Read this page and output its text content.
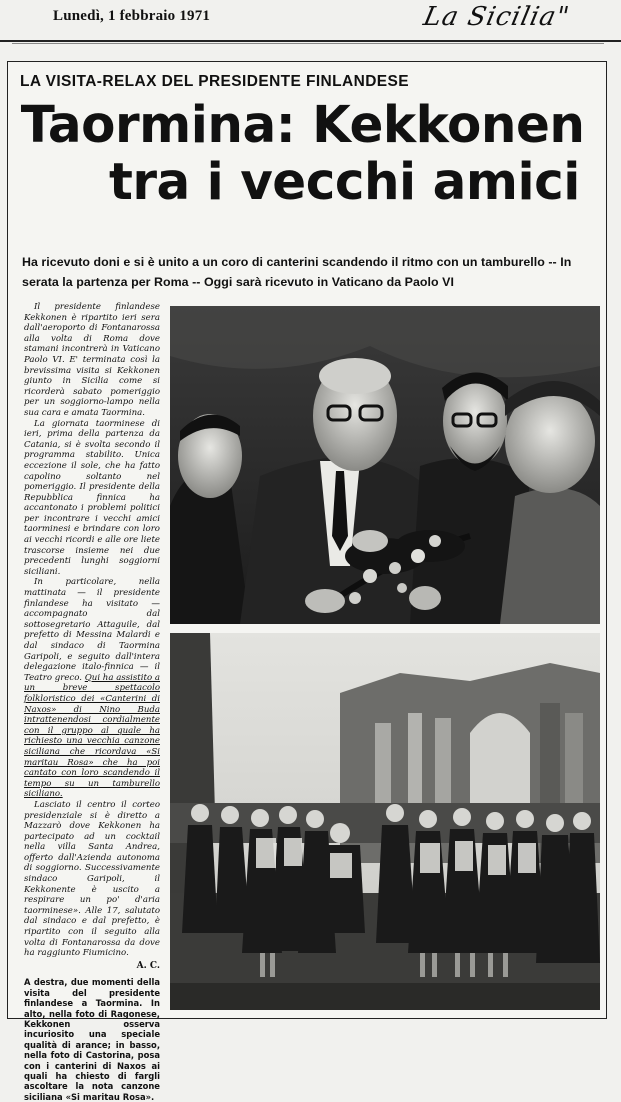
Lunedì, 1 febbraio 1971	La Sicilia"
LA VISITA-RELAX DEL PRESIDENTE FINLANDESE
Taormina: Kekkonen
tra i vecchi amici
Ha ricevuto doni e si è unito a un coro di canterini scandendo il ritmo con un tamburello -- In serata la partenza per Roma -- Oggi sarà ricevuto in Vaticano da Paolo VI

Il presidente finlandese Kekkonen è ripartito ieri sera dall'aeroporto di Fontanarossa alla volta di Roma dove stamani incontrerà in Vaticano Paolo VI. E' terminata così la brevissima visita si Kekkonen giunto in Sicilia come si ricorderà sabato pomeriggio per un soggiorno-lampo nella sua cara e amata Taormina.

La giornata taorminese di ieri, prima della partenza da Catania, si è svolta secondo il programma stabilito. Unica eccezione il sole, che ha fatto capolino soltanto nel pomeriggio. Il presidente della Repubblica finnica ha accantonato i problemi politici per incontrare i vecchi amici taorminesi e brindare con loro ai vecchi ricordi e alle ore liete trascorse insieme nei due precedenti lunghi soggiorni siciliani.

In particolare, nella mattinata — il presidente finlandese ha visitato — accompagnato dal sottosegretario Attaguile, dal prefetto di Messina Malardi e dal sindaco di Taormina Garipoli, e seguito dall'intera delegazione italo-finnica — il Teatro greco. Qui ha assistito a un breve spettacolo folkloristico dei «Canterini di Naxos» di Nino Buda intrattenendosi cordialmente con il gruppo al quale ha richiesto una vecchia canzone siciliana che ricordava «Si maritau Rosa» che ha poi cantato con loro scandendo il tempo su un tamburello siciliano.

Lasciato il centro il corteo presidenziale si è diretto a Mazzarò dove Kekkonen ha partecipato ad un cocktail nella villa Santa Andrea, offerto dall'Azienda autonoma di soggiorno. Successivamente sindaco Garipoli, il Kekkonente è uscito a respirare un po' d'aria taorminese». Alle 17, salutato dal sindaco e dal prefetto, è ripartito con il seguito alla volta di Fontanarossa da dove ha raggiunto Fiumicino.

A. C.
A destra, due momenti della visita del presidente finlandese a Taormina. In alto, nella foto di Ragonese, Kekkonen osserva incuriosito una speciale qualità di arance; in basso, nella foto di Castorina, posa con i canterini di Naxos ai quali ha chiesto di fargli ascoltare la nota canzone siciliana «Si maritau Rosa».
